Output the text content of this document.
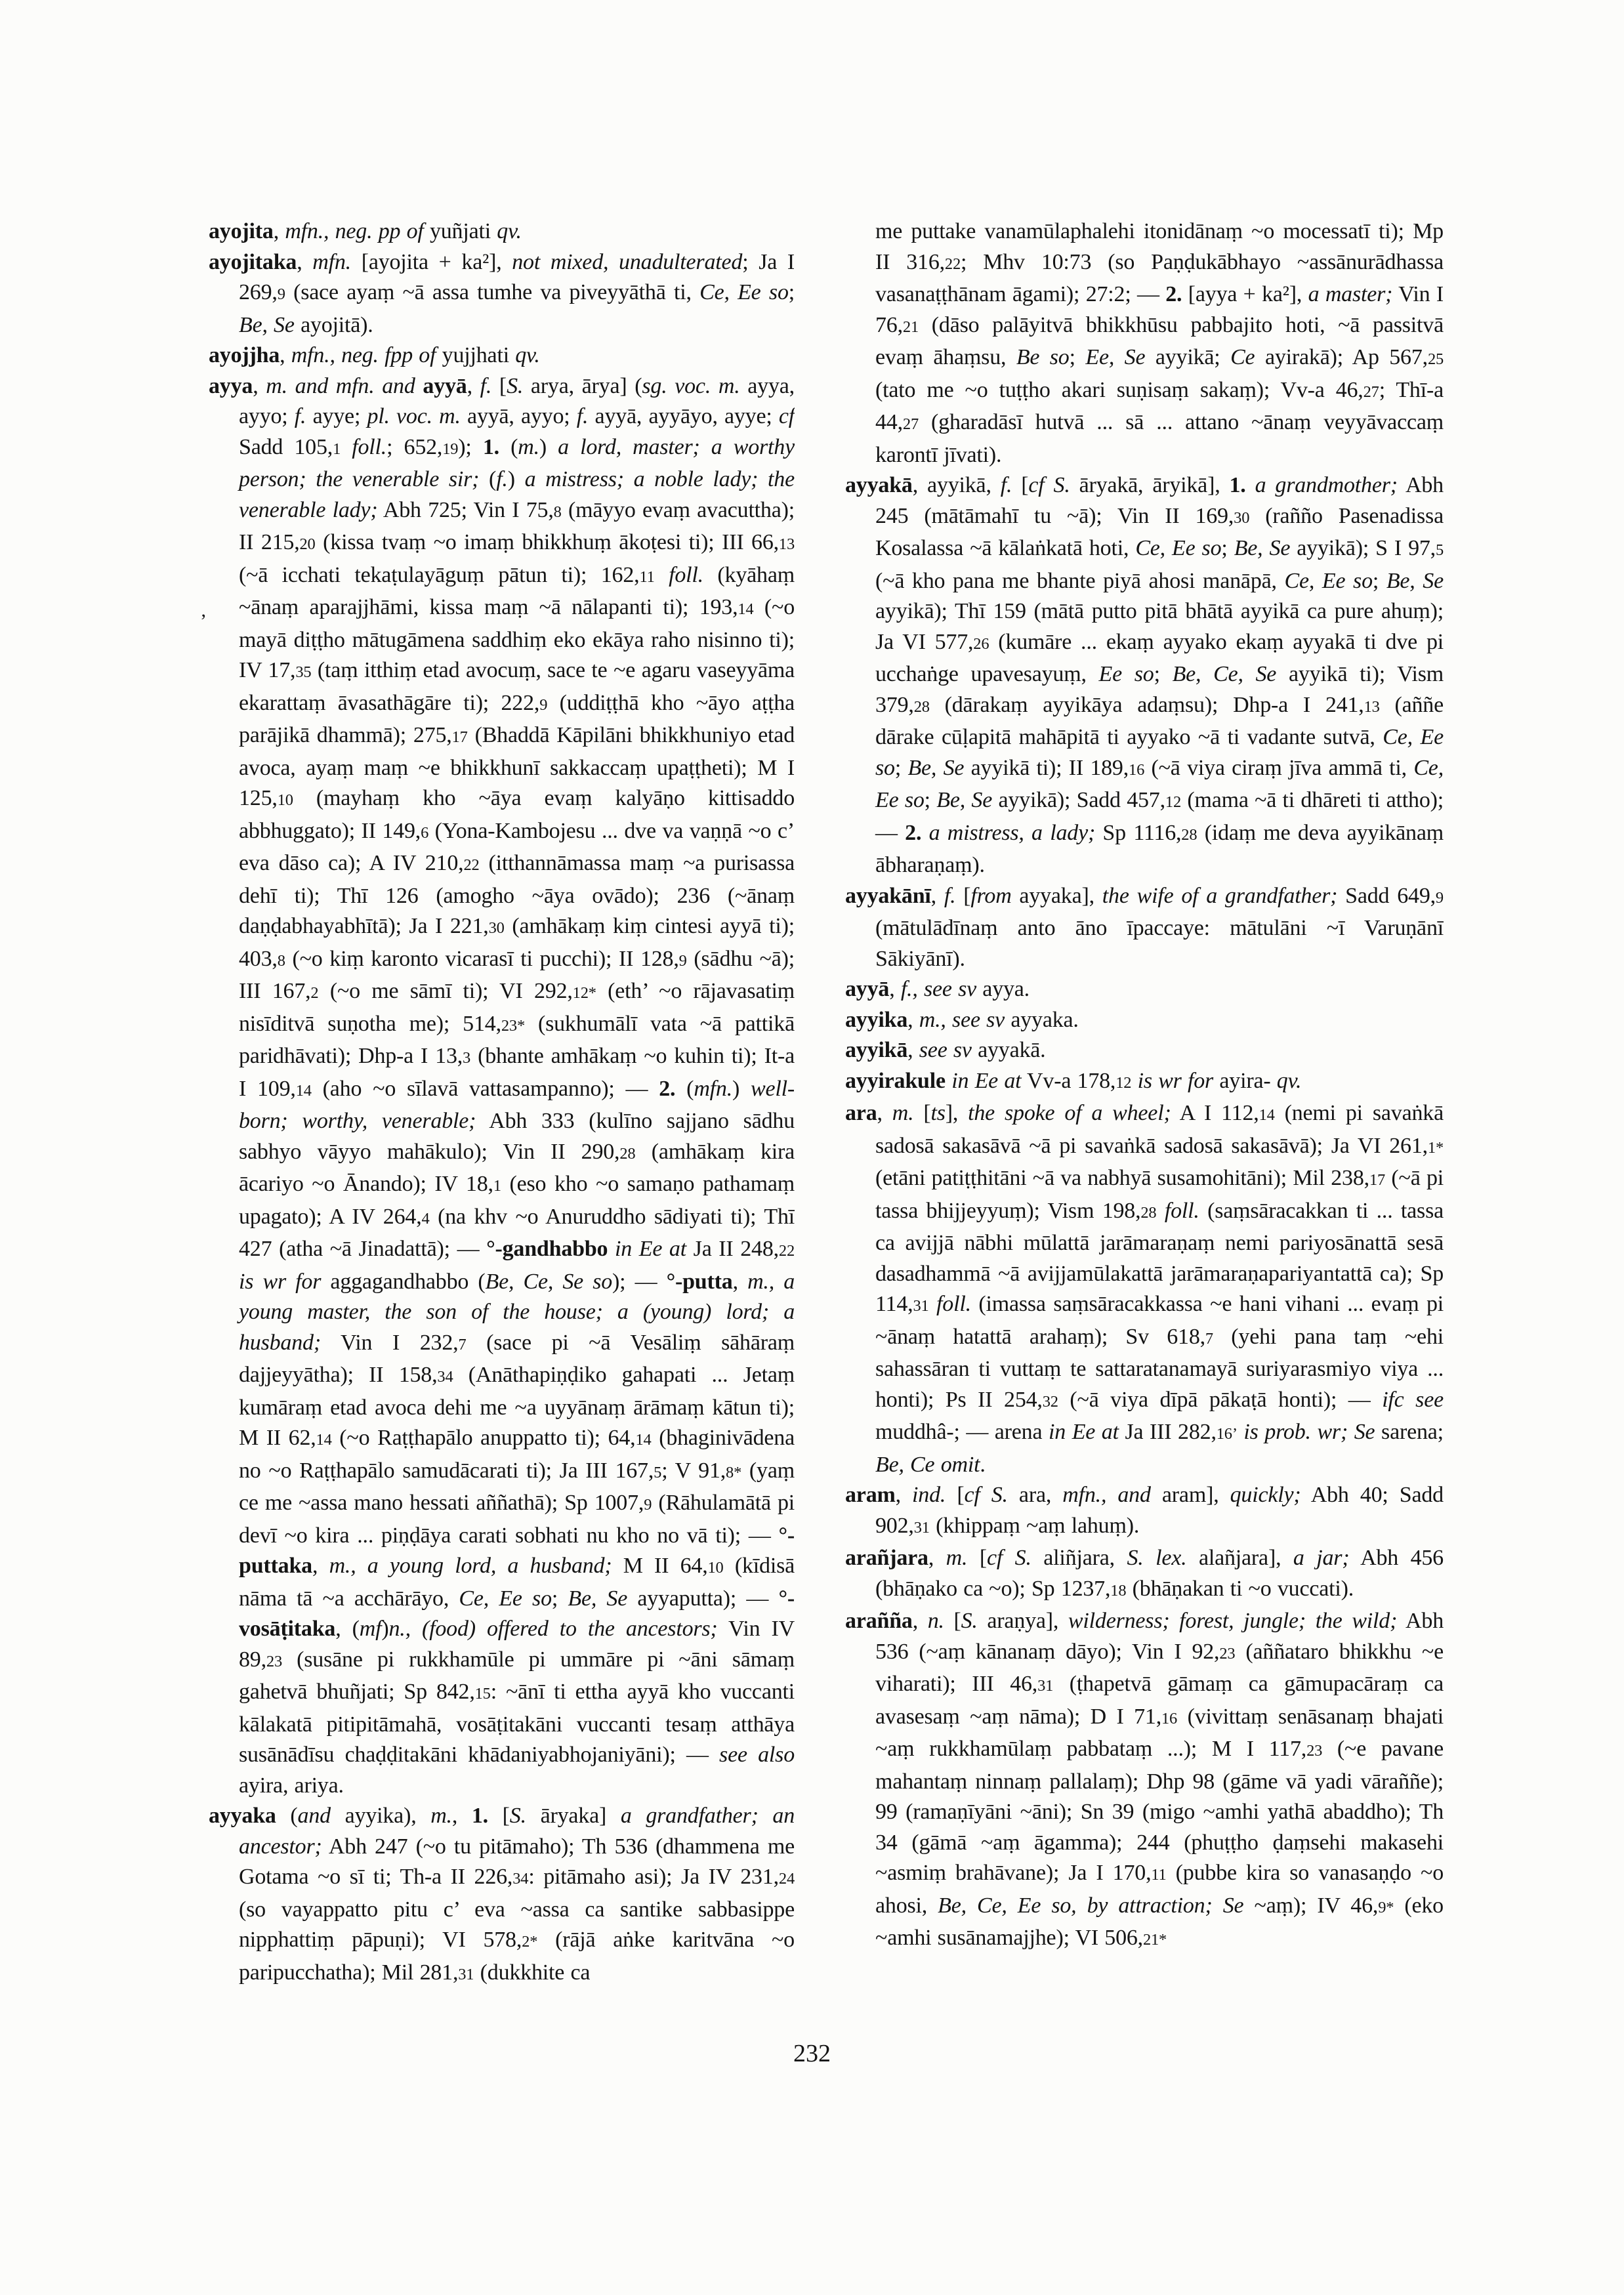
’

ayojita, mfn., neg. pp of yuñjati qv.

ayojitaka, mfn. [ayojita + ka²], not mixed, unadulterated; Ja I 269,9 (sace ayaṃ ~ā assa tumhe va piveyyāthā ti, Ce, Ee so; Be, Se ayojitā).

ayojjha, mfn., neg. fpp of yujjhati qv.

ayya, m. and mfn. and ayyā, f. [S. arya, ārya] (sg. voc. m. ayya, ayyo; f. ayye; pl. voc. m. ayyā, ayyo; f. ayyā, ayyāyo, ayye; cf Sadd 105,1 foll.; 652,19); 1. (m.) a lord, master; a worthy person; the venerable sir; (f.) a mistress; a noble lady; the venerable lady; Abh 725; Vin I 75,8 (māyyo evaṃ avacuttha); II 215,20 (kissa tvaṃ ~o imaṃ bhikkhuṃ ākoṭesi ti); III 66,13 (~ā icchati tekaṭulayāguṃ pātun ti); 162,11 foll. (kyāhaṃ ~ānaṃ aparajjhāmi, kissa maṃ ~ā nālapanti ti); 193,14 (~o mayā diṭṭho mātugāmena saddhiṃ eko ekāya raho nisinno ti); IV 17,35 (taṃ itthiṃ etad avocuṃ, sace te ~e agaru vaseyyāma ekarattaṃ āvasathāgāre ti); 222,9 (uddiṭṭhā kho ~āyo aṭṭha parājikā dhammā); 275,17 (Bhaddā Kāpilāni bhikkhuniyo etad avoca, ayaṃ maṃ ~e bhikkhunī sakkaccaṃ upaṭṭheti); M I 125,10 (mayhaṃ kho ~āya evaṃ kalyāṇo kittisaddo abbhuggato); II 149,6 (Yona-Kambojesu ... dve va vaṇṇā ~o c’ eva dāso ca); A IV 210,22 (itthannāmassa maṃ ~a purisassa dehī ti); Thī 126 (amogho ~āya ovādo); 236 (~ānaṃ daṇḍabhayabhītā); Ja I 221,30 (amhākaṃ kiṃ cintesi ayyā ti); 403,8 (~o kiṃ karonto vicarasī ti pucchi); II 128,9 (sādhu ~ā); III 167,2 (~o me sāmī ti); VI 292,12* (eth’ ~o rājavasatiṃ nisīditvā suṇotha me); 514,23* (sukhumālī vata ~ā pattikā paridhāvati); Dhp-a I 13,3 (bhante amhākaṃ ~o kuhin ti); It-a I 109,14 (aho ~o sīlavā vattasampanno); — 2. (mfn.) well-born; worthy, venerable; Abh 333 (kulīno sajjano sādhu sabhyo vāyyo mahākulo); Vin II 290,28 (amhākaṃ kira ācariyo ~o Ānando); IV 18,1 (eso kho ~o samaṇo pathamaṃ upagato); A IV 264,4 (na khv ~o Anuruddho sādiyati ti); Thī 427 (atha ~ā Jinadattā); — °-gandhabbo in Ee at Ja II 248,22 is wr for aggagandhabbo (Be, Ce, Se so); — °-putta, m., a young master, the son of the house; a (young) lord; a husband; Vin I 232,7 (sace pi ~ā Vesāliṃ sāhāraṃ dajjeyyātha); II 158,34 (Anāthapiṇḍiko gahapati ... Jetaṃ kumāraṃ etad avoca dehi me ~a uyyānaṃ ārāmaṃ kātun ti); M II 62,14 (~o Raṭṭhapālo anuppatto ti); 64,14 (bhaginivādena no ~o Raṭṭhapālo samudācarati ti); Ja III 167,5; V 91,8* (yaṃ ce me ~assa mano hessati aññathā); Sp 1007,9 (Rāhulamātā pi devī ~o kira ... piṇḍāya carati sobhati nu kho no vā ti); — °-puttaka, m., a young lord, a husband; M II 64,10 (kīdisā nāma tā ~a acchārāyo, Ce, Ee so; Be, Se ayyaputta); — °-vosāṭitaka, (mf)n., (food) offered to the ancestors; Vin IV 89,23 (susāne pi rukkhamūle pi ummāre pi ~āni sāmaṃ gahetvā bhuñjati; Sp 842,15: ~ānī ti ettha ayyā kho vuccanti kālakatā pitipitāmahā, vosāṭitakāni vuccanti tesaṃ atthāya susānādīsu chaḍḍitakāni khādaniyabhojaniyāni); — see also ayira, ariya.

ayyaka (and ayyika), m., 1. [S. āryaka] a grandfather; an ancestor; Abh 247 (~o tu pitāmaho); Th 536 (dhammena me Gotama ~o sī ti; Th-a II 226,34: pitāmaho asi); Ja IV 231,24 (so vayappatto pitu c’ eva ~assa ca santike sabbasippe nipphattiṃ pāpuṇi); VI 578,2* (rājā aṅke karitvāna ~o paripucchatha); Mil 281,31 (dukkhite ca

me puttake vanamūlaphalehi itonidānaṃ ~o mocessatī ti); Mp II 316,22; Mhv 10:73 (so Paṇḍukābhayo ~assānurādhassa vasanaṭṭhānam āgami); 27:2; — 2. [ayya + ka²], a master; Vin I 76,21 (dāso palāyitvā bhikkhūsu pabbajito hoti, ~ā passitvā evaṃ āhaṃsu, Be so; Ee, Se ayyikā; Ce ayirakā); Ap 567,25 (tato me ~o tuṭṭho akari suṇisaṃ sakaṃ); Vv-a 46,27; Thī-a 44,27 (gharadāsī hutvā ... sā ... attano ~ānaṃ veyyāvaccaṃ karontī jīvati).

ayyakā, ayyikā, f. [cf S. āryakā, āryikā], 1. a grandmother; Abh 245 (mātāmahī tu ~ā); Vin II 169,30 (rañño Pasenadissa Kosalassa ~ā kālaṅkatā hoti, Ce, Ee so; Be, Se ayyikā); S I 97,5 (~ā kho pana me bhante piyā ahosi manāpā, Ce, Ee so; Be, Se ayyikā); Thī 159 (mātā putto pitā bhātā ayyikā ca pure ahuṃ); Ja VI 577,26 (kumāre ... ekaṃ ayyako ekaṃ ayyakā ti dve pi ucchaṅge upavesayuṃ, Ee so; Be, Ce, Se ayyikā ti); Vism 379,28 (dārakaṃ ayyikāya adaṃsu); Dhp-a I 241,13 (aññe dārake cūḷapitā mahāpitā ti ayyako ~ā ti vadante sutvā, Ce, Ee so; Be, Se ayyikā ti); II 189,16 (~ā viya ciraṃ jīva ammā ti, Ce, Ee so; Be, Se ayyikā); Sadd 457,12 (mama ~ā ti dhāreti ti attho); — 2. a mistress, a lady; Sp 1116,28 (idaṃ me deva ayyikānaṃ ābharaṇaṃ).

ayyakānī, f. [from ayyaka], the wife of a grandfather; Sadd 649,9 (mātulādīnaṃ anto āno īpaccaye: mātulāni ~ī Varuṇānī Sākiyānī).

ayyā, f., see sv ayya.

ayyika, m., see sv ayyaka.

ayyikā, see sv ayyakā.

ayyirakule in Ee at Vv-a 178,12 is wr for ayira- qv.

ara, m. [ts], the spoke of a wheel; A I 112,14 (nemi pi savaṅkā sadosā sakasāvā ~ā pi savaṅkā sadosā sakasāvā); Ja VI 261,1* (etāni patiṭṭhitāni ~ā va nabhyā susamohitāni); Mil 238,17 (~ā pi tassa bhijjeyyuṃ); Vism 198,28 foll. (saṃsāracakkan ti ... tassa ca avijjā nābhi mūlattā jarāmaraṇaṃ nemi pariyosānattā sesā dasadhammā ~ā avijjamūlakattā jarāmaraṇapariyantattā ca); Sp 114,31 foll. (imassa saṃsāracakkassa ~e hani vihani ... evaṃ pi ~ānaṃ hatattā arahaṃ); Sv 618,7 (yehi pana taṃ ~ehi sahassāran ti vuttaṃ te sattaratanamayā suriyarasmiyo viya ... honti); Ps II 254,32 (~ā viya dīpā pākaṭā honti); — ifc see muddhâ-; — arena in Ee at Ja III 282,16’ is prob. wr; Se sarena; Be, Ce omit.

aram, ind. [cf S. ara, mfn., and aram], quickly; Abh 40; Sadd 902,31 (khippaṃ ~aṃ lahuṃ).

arañjara, m. [cf S. aliñjara, S. lex. alañjara], a jar; Abh 456 (bhāṇako ca ~o); Sp 1237,18 (bhāṇakan ti ~o vuccati).

arañña, n. [S. araṇya], wilderness; forest, jungle; the wild; Abh 536 (~aṃ kānanaṃ dāyo); Vin I 92,23 (aññataro bhikkhu ~e viharati); III 46,31 (ṭhapetvā gāmaṃ ca gāmupacāraṃ ca avasesaṃ ~aṃ nāma); D I 71,16 (vivittaṃ senāsanaṃ bhajati ~aṃ rukkhamūlaṃ pabbataṃ ...); M I 117,23 (~e pavane mahantaṃ ninnaṃ pallalaṃ); Dhp 98 (gāme vā yadi vāraññe); 99 (ramaṇīyāni ~āni); Sn 39 (migo ~amhi yathā abaddho); Th 34 (gāmā ~aṃ āgamma); 244 (phuṭṭho ḍaṃsehi makasehi ~asmiṃ brahāvane); Ja I 170,11 (pubbe kira so vanasaṇḍo ~o ahosi, Be, Ce, Ee so, by attraction; Se ~aṃ); IV 46,9* (eko ~amhi susānamajjhe); VI 506,21*

232
